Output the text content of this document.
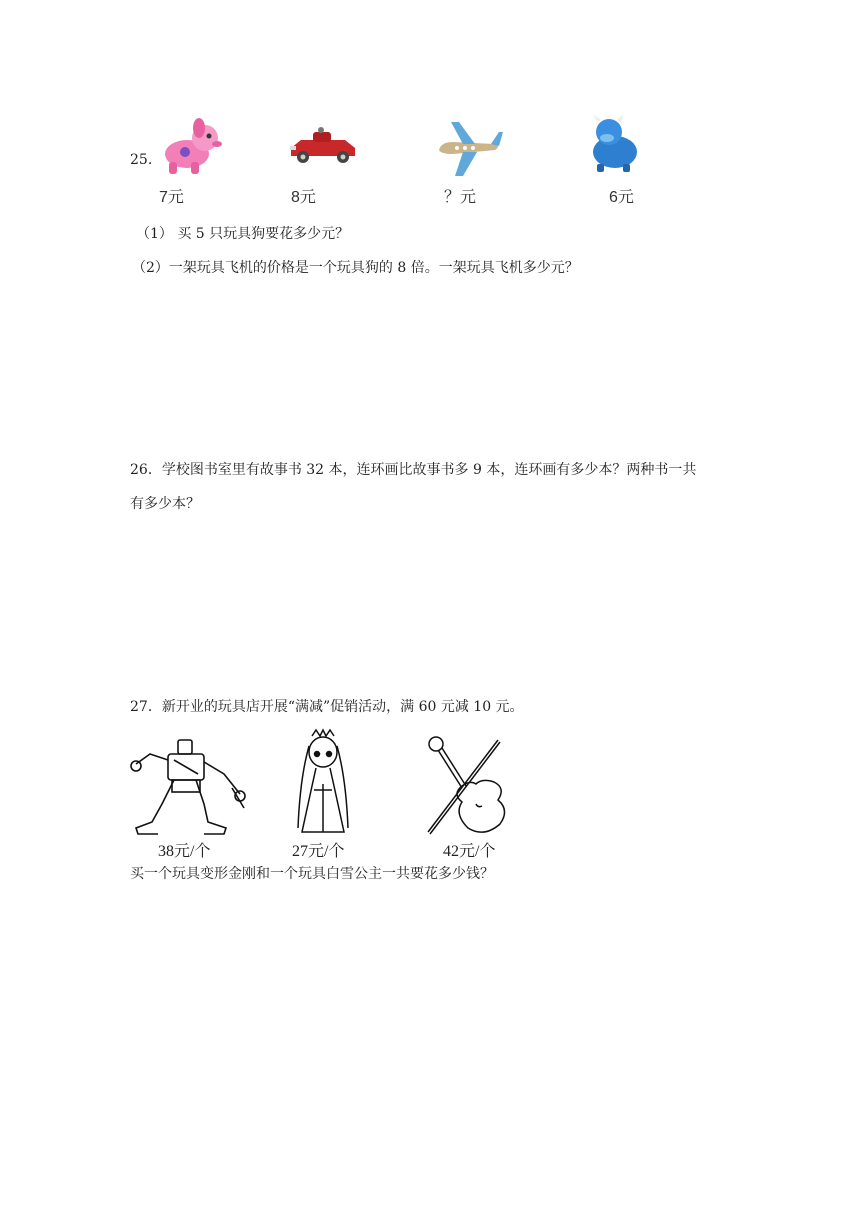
25.
7元	8元	？元	6元
（1） 买 5 只玩具狗要花多少元？
（2）一架玩具飞机的价格是一个玩具狗的 8 倍。一架玩具飞机多少元？
26．学校图书室里有故事书 32 本，连环画比故事书多 9 本，连环画有多少本？两种书一共
有多少本？
27．新开业的玩具店开展“满减”促销活动，满 60 元减 10 元。
38元/个	27元/个	42元/个
买一个玩具变形金刚和一个玩具白雪公主一共要花多少钱？
